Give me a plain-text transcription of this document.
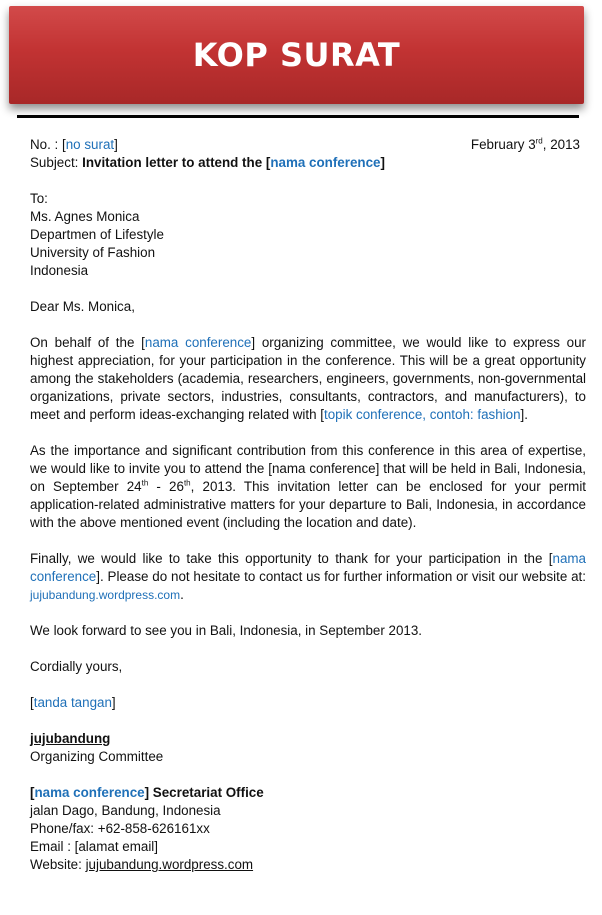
KOP SURAT
No. : [no surat]	February 3rd, 2013
Subject: Invitation letter to attend the [nama conference]
To:
Ms. Agnes Monica
Departmen of Lifestyle
University of Fashion
Indonesia
Dear Ms. Monica,

On behalf of the [nama conference] organizing committee, we would like to express our highest appreciation, for your participation in the conference. This will be a great opportunity among the stakeholders (academia, researchers, engineers, governments, non-governmental organizations, private sectors, industries, consultants, contractors, and manufacturers), to meet and perform ideas-exchanging related with [topik conference, contoh: fashion].

As the importance and significant contribution from this conference in this area of expertise, we would like to invite you to attend the [nama conference] that will be held in Bali, Indonesia, on September 24th - 26th, 2013. This invitation letter can be enclosed for your permit application-related administrative matters for your departure to Bali, Indonesia, in accordance with the above mentioned event (including the location and date).

Finally, we would like to take this opportunity to thank for your participation in the [nama conference]. Please do not hesitate to contact us for further information or visit our website at: jujubandung.wordpress.com.

We look forward to see you in Bali, Indonesia, in September 2013.
Cordially yours,
[tanda tangan]
jujubandung
Organizing Committee
[nama conference] Secretariat Office
jalan Dago, Bandung, Indonesia
Phone/fax: +62-858-626161xx
Email : [alamat email]
Website: jujubandung.wordpress.com
